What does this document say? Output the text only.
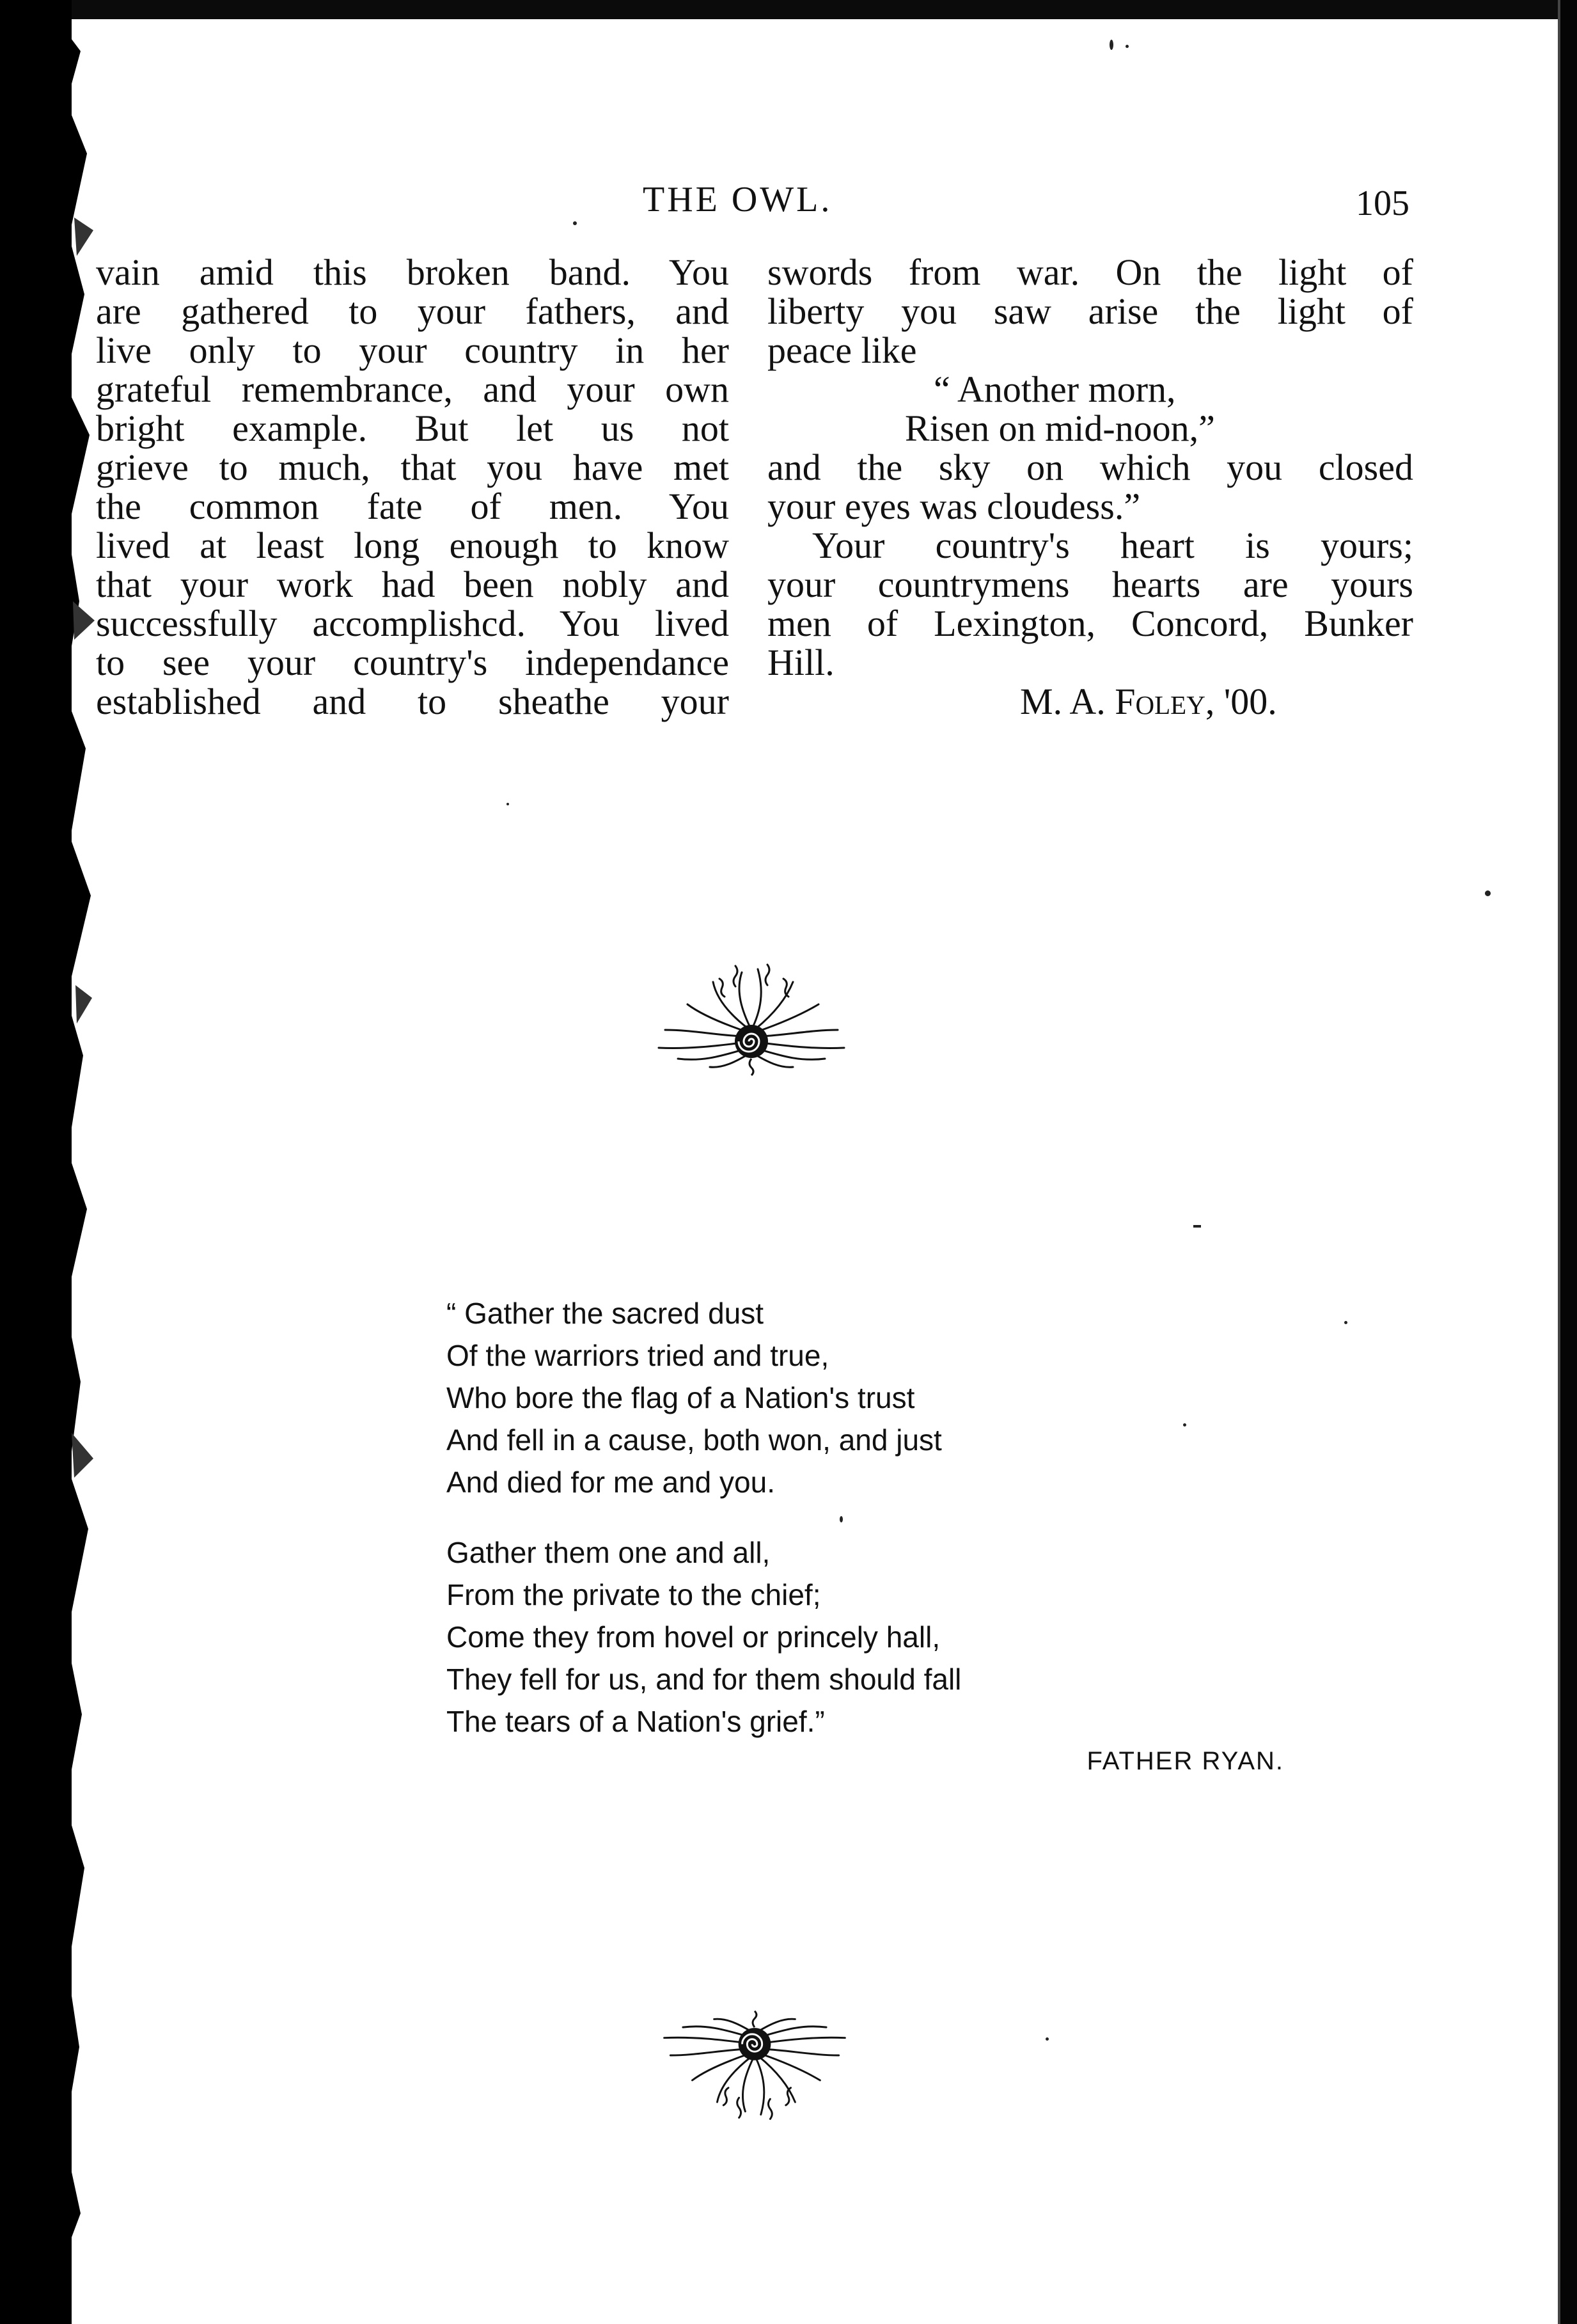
THE OWL.	105
vain amid this broken band. You
are gathered to your fathers, and
live only to your country in her
grateful remembrance, and your own
bright example. But let us not
grieve to much, that you have met
the common fate of men. You
lived at least long enough to know
that your work had been nobly and
successfully accomplishcd. You lived
to see your country's independance
established and to sheathe your
swords from war. On the light of
liberty you saw arise the light of
peace like
“ Another morn,
Risen on mid-noon,”
and the sky on which you closed
your eyes was cloudess.”
Your country's heart is yours;
your countrymens hearts are yours
men of Lexington, Concord, Bunker
Hill.
M. A. Foley, '00.
“ Gather the sacred dust
Of the warriors tried and true,
Who bore the flag of a Nation's trust
And fell in a cause, both won, and just
And died for me and you.
Gather them one and all,
From the private to the chief;
Come they from hovel or princely hall,
They fell for us, and for them should fall
The tears of a Nation's grief.”
FATHER RYAN.
